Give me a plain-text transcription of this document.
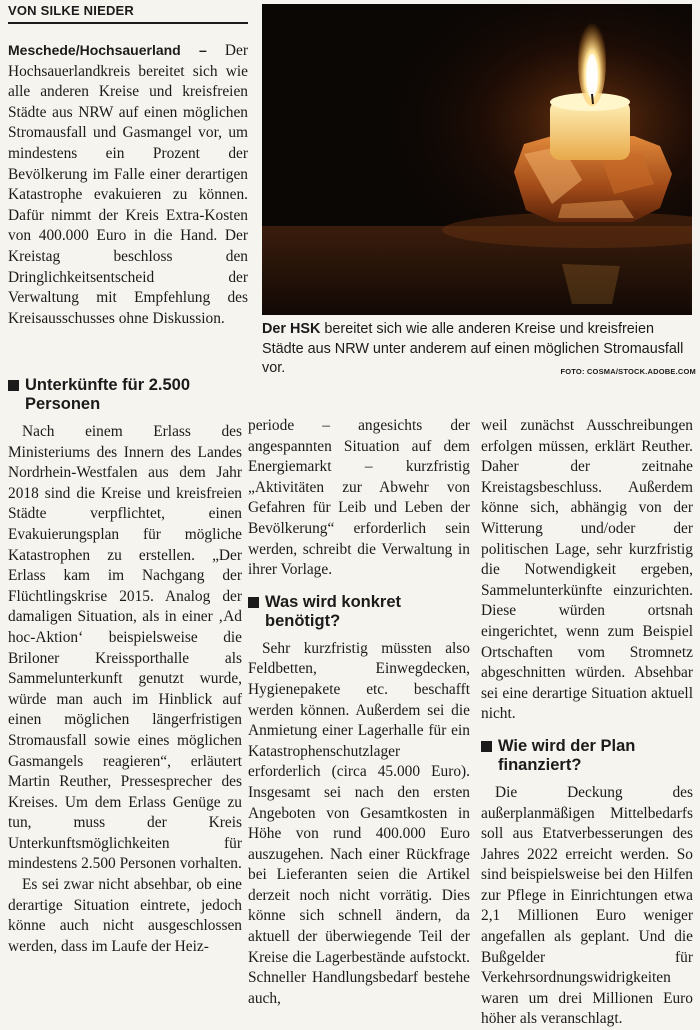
VON SILKE NIEDER

Meschede/Hochsauerland – Der Hochsauerlandkreis bereitet sich wie alle anderen Kreise und kreisfreien Städte aus NRW auf einen möglichen Stromausfall und Gasmangel vor, um mindestens ein Prozent der Bevölkerung im Falle einer derartigen Katastrophe evakuieren zu können. Dafür nimmt der Kreis Extra-Kosten von 400.000 Euro in die Hand. Der Kreistag beschloss den Dringlichkeitsentscheid der Verwaltung mit Empfehlung des Kreisausschusses ohne Diskussion.

Der HSK bereitet sich wie alle anderen Kreise und kreisfreien Städte aus NRW unter anderem auf einen möglichen Stromausfall vor.	FOTO: COSMA/STOCK.ADOBE.COM
Unterkünfte für 2.500 Personen

Nach einem Erlass des Ministeriums des Innern des Landes Nordrhein-Westfalen aus dem Jahr 2018 sind die Kreise und kreisfreien Städte verpflichtet, einen Evakuierungsplan für mögliche Katastrophen zu erstellen. „Der Erlass kam im Nachgang der Flüchtlingskrise 2015. Analog der damaligen Situation, als in einer ‚Ad hoc-Aktion‘ beispielsweise die Briloner Kreissporthalle als Sammelunterkunft genutzt wurde, würde man auch im Hinblick auf einen möglichen längerfristigen Stromausfall sowie eines möglichen Gasmangels reagieren“, erläutert Martin Reuther, Pressesprecher des Kreises. Um dem Erlass Genüge zu tun, muss der Kreis Unterkunftsmöglichkeiten für mindestens 2.500 Personen vorhalten.

Es sei zwar nicht absehbar, ob eine derartige Situation eintrete, jedoch könne auch nicht ausgeschlossen werden, dass im Laufe der Heiz-

periode – angesichts der angespannten Situation auf dem Energiemarkt – kurzfristig „Aktivitäten zur Abwehr von Gefahren für Leib und Leben der Bevölkerung“ erforderlich sein werden, schreibt die Verwaltung in ihrer Vorlage.

Was wird konkret benötigt?

Sehr kurzfristig müssten also Feldbetten, Einwegdecken, Hygienepakete etc. beschafft werden können. Außerdem sei die Anmietung einer Lagerhalle für ein Katastrophenschutzlager erforderlich (circa 45.000 Euro). Insgesamt sei nach den ersten Angeboten von Gesamtkosten in Höhe von rund 400.000 Euro auszugehen. Nach einer Rückfrage bei Lieferanten seien die Artikel derzeit noch nicht vorrätig. Dies könne sich schnell ändern, da aktuell der überwiegende Teil der Kreise die Lagerbestände aufstockt. Schneller Handlungsbedarf bestehe auch,

weil zunächst Ausschreibungen erfolgen müssen, erklärt Reuther. Daher der zeitnahe Kreistagsbeschluss. Außerdem könne sich, abhängig von der Witterung und/oder der politischen Lage, sehr kurzfristig die Notwendigkeit ergeben, Sammelunterkünfte einzurichten. Diese würden ortsnah eingerichtet, wenn zum Beispiel Ortschaften vom Stromnetz abgeschnitten würden. Absehbar sei eine derartige Situation aktuell nicht.

Wie wird der Plan finanziert?

Die Deckung des außerplanmäßigen Mittelbedarfs soll aus Etatverbesserungen des Jahres 2022 erreicht werden. So sind beispielsweise bei den Hilfen zur Pflege in Einrichtungen etwa 2,1 Millionen Euro weniger angefallen als geplant. Und die Bußgelder für Verkehrsordnungswidrigkeiten waren um drei Millionen Euro höher als veranschlagt.
